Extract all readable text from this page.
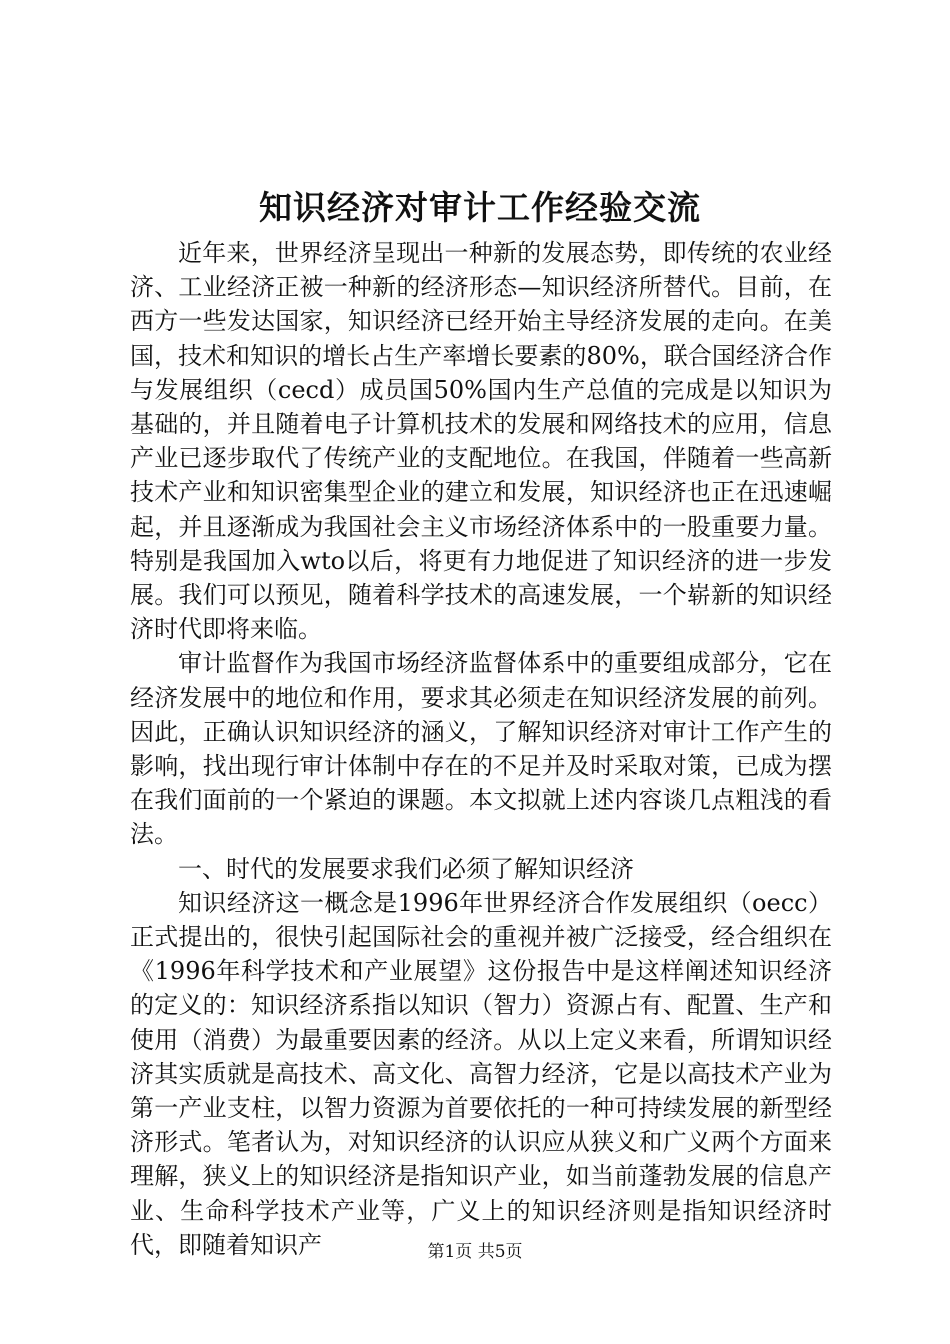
知识经济对审计工作经验交流

近年来，世界经济呈现出一种新的发展态势，即传统的农业经济、工业经济正被一种新的经济形态—知识经济所替代。目前，在西方一些发达国家，知识经济已经开始主导经济发展的走向。在美国，技术和知识的增长占生产率增长要素的80%，联合国经济合作与发展组织（cecd）成员国50%国内生产总值的完成是以知识为基础的，并且随着电子计算机技术的发展和网络技术的应用，信息产业已逐步取代了传统产业的支配地位。在我国，伴随着一些高新技术产业和知识密集型企业的建立和发展，知识经济也正在迅速崛起，并且逐渐成为我国社会主义市场经济体系中的一股重要力量。特别是我国加入wto以后，将更有力地促进了知识经济的进一步发展。我们可以预见，随着科学技术的高速发展，一个崭新的知识经济时代即将来临。

审计监督作为我国市场经济监督体系中的重要组成部分，它在经济发展中的地位和作用，要求其必须走在知识经济发展的前列。因此，正确认识知识经济的涵义，了解知识经济对审计工作产生的影响，找出现行审计体制中存在的不足并及时采取对策，已成为摆在我们面前的一个紧迫的课题。本文拟就上述内容谈几点粗浅的看法。

一、时代的发展要求我们必须了解知识经济

知识经济这一概念是1996年世界经济合作发展组织（oecc）正式提出的，很快引起国际社会的重视并被广泛接受，经合组织在《1996年科学技术和产业展望》这份报告中是这样阐述知识经济的定义的：知识经济系指以知识（智力）资源占有、配置、生产和使用（消费）为最重要因素的经济。从以上定义来看，所谓知识经济其实质就是高技术、高文化、高智力经济，它是以高技术产业为第一产业支柱，以智力资源为首要依托的一种可持续发展的新型经济形式。笔者认为，对知识经济的认识应从狭义和广义两个方面来理解，狭义上的知识经济是指知识产业，如当前蓬勃发展的信息产业、生命科学技术产业等，广义上的知识经济则是指知识经济时代，即随着知识产	第1页 共5页
